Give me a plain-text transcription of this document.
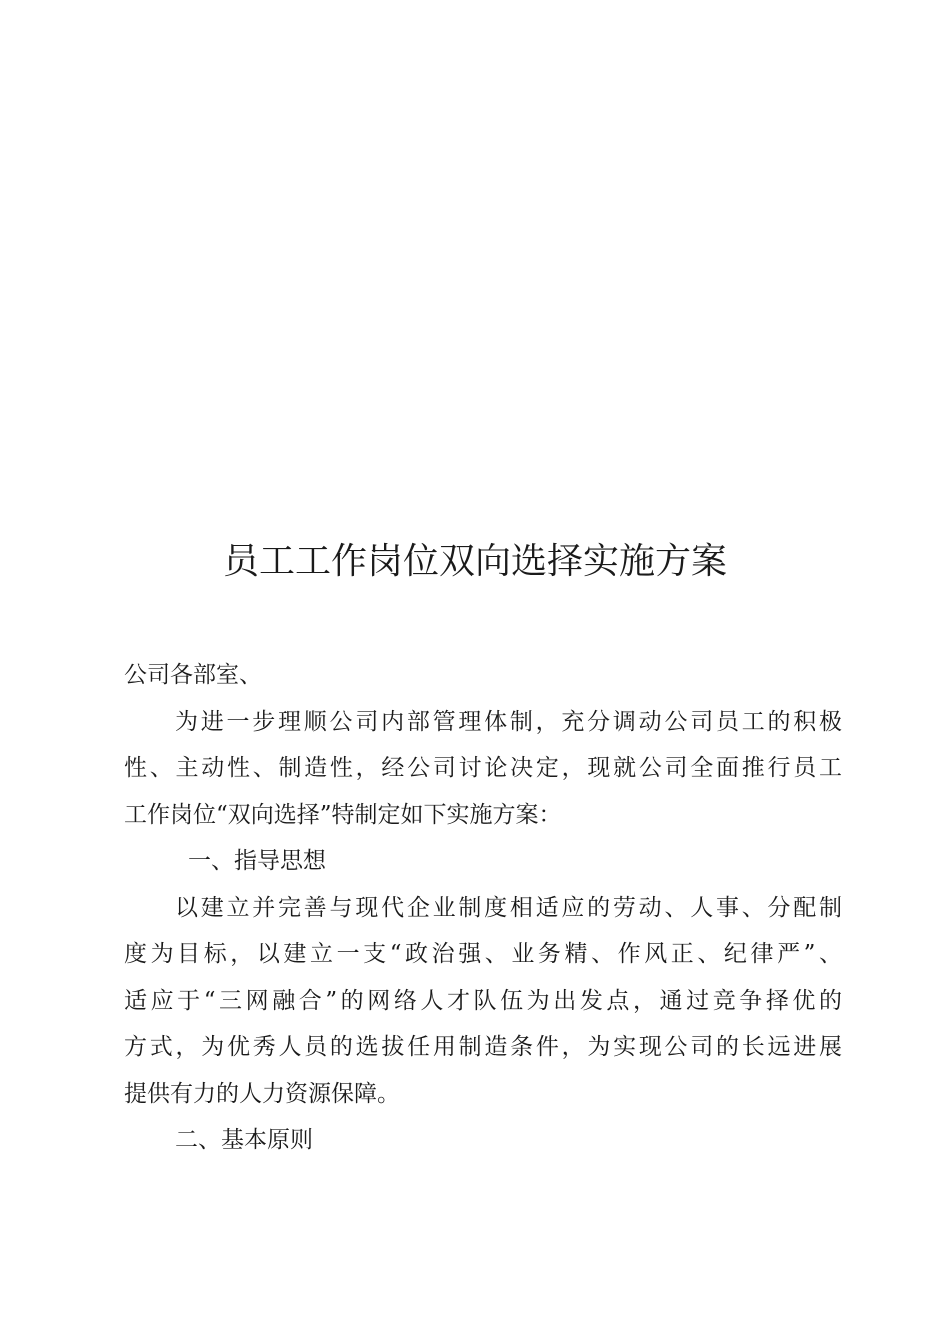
员工工作岗位双向选择实施方案
公司各部室、
为进一步理顺公司内部管理体制，充分调动公司员工的积极
性、主动性、制造性，经公司讨论决定，现就公司全面推行员工
工作岗位“双向选择”特制定如下实施方案：
一、指导思想
以建立并完善与现代企业制度相适应的劳动、人事、分配制
度为目标，以建立一支“政治强、业务精、作风正、纪律严”、
适应于“三网融合”的网络人才队伍为出发点，通过竞争择优的
方式，为优秀人员的选拔任用制造条件，为实现公司的长远进展
提供有力的人力资源保障。
二、基本原则
